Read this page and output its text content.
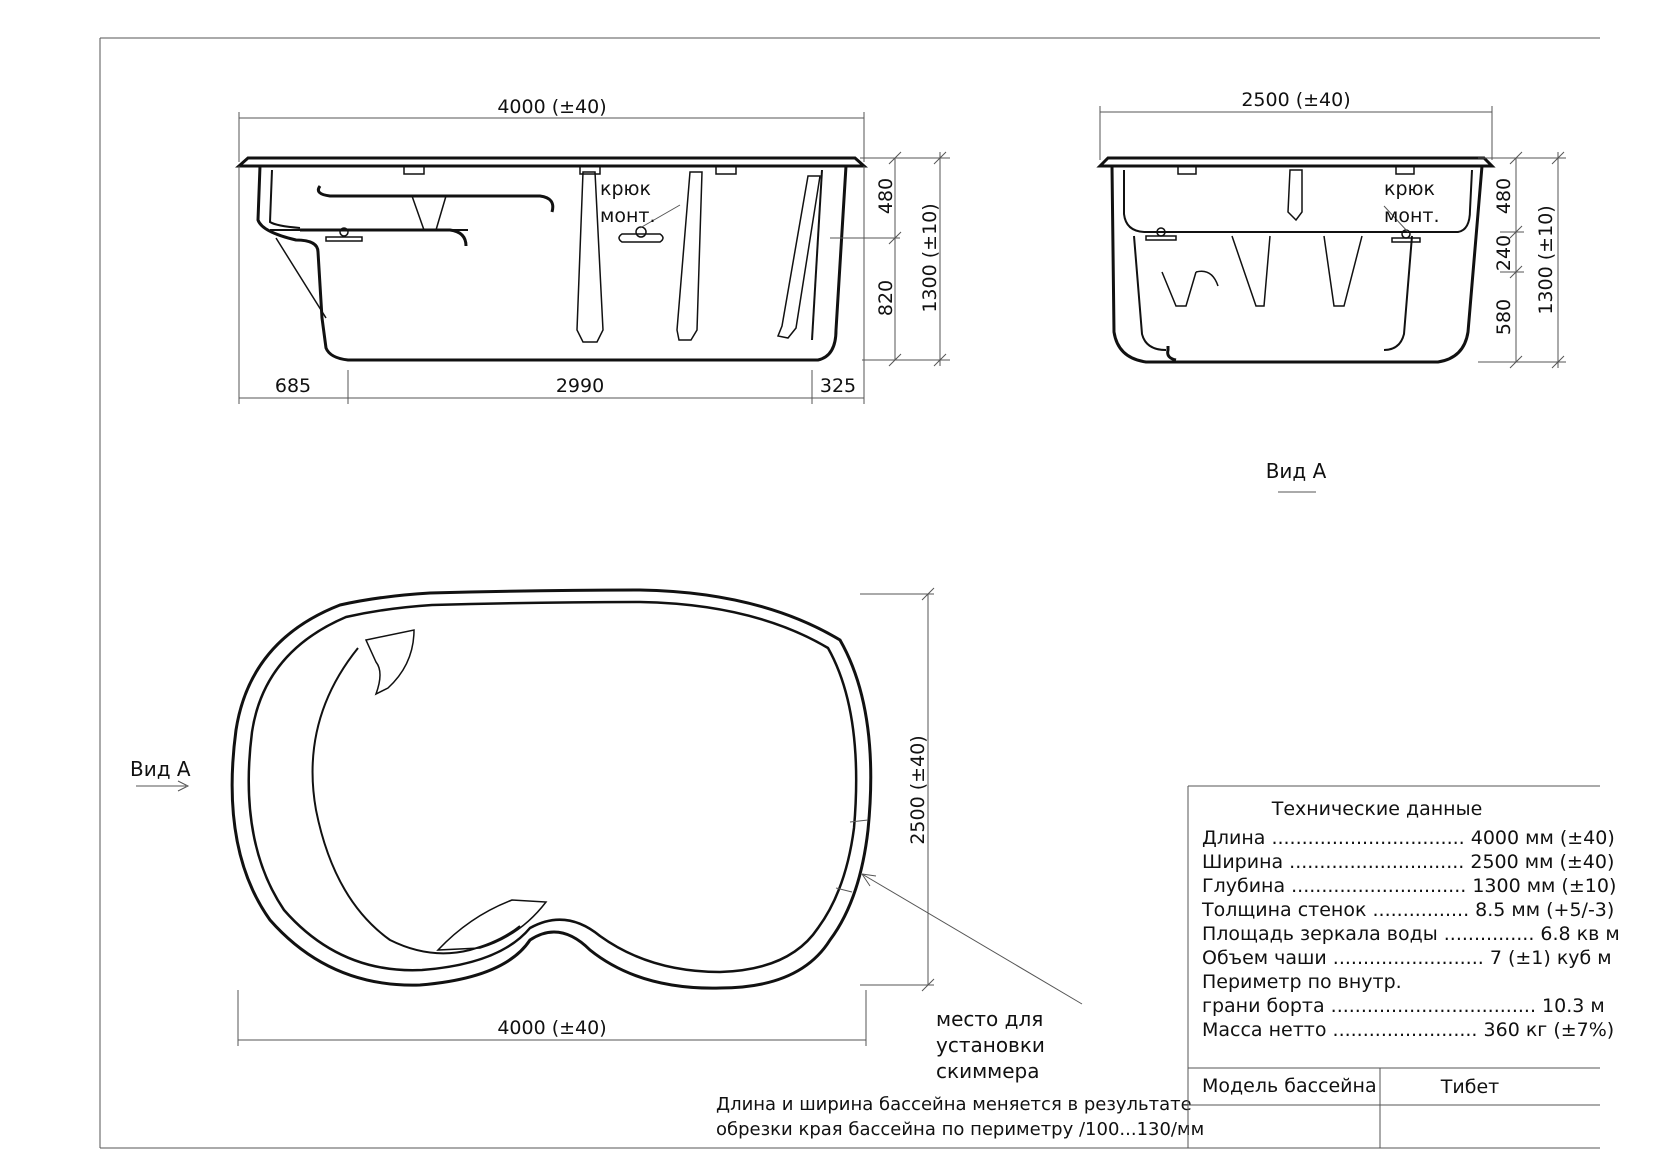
4000 (±40)
крюк
монт.
480
820 1300 (±10)
685	2990	325
2500 (±40)
крюк
монт.
480
240
580
1300 (±10)
Вид А
Вид А	2500 (±40)
4000 (±40)	место для
установки
скиммера
Длина и ширина бассейна меняется в результате
обрезки края бассейна по периметру /100...130/мм
Технические данные
Длина ................................ 4000 мм (±40)
Ширина ............................. 2500 мм (±40)
Глубина ............................. 1300 мм (±10)
Толщина стенок ................ 8.5 мм (+5/-3)
Площадь зеркала воды ............... 6.8 кв м
Объем чаши ......................... 7 (±1) куб м
Периметр по внутр.
грани борта .................................. 10.3 м
Масса нетто ........................ 360 кг (±7%)
Модель бассейна	Тибет
